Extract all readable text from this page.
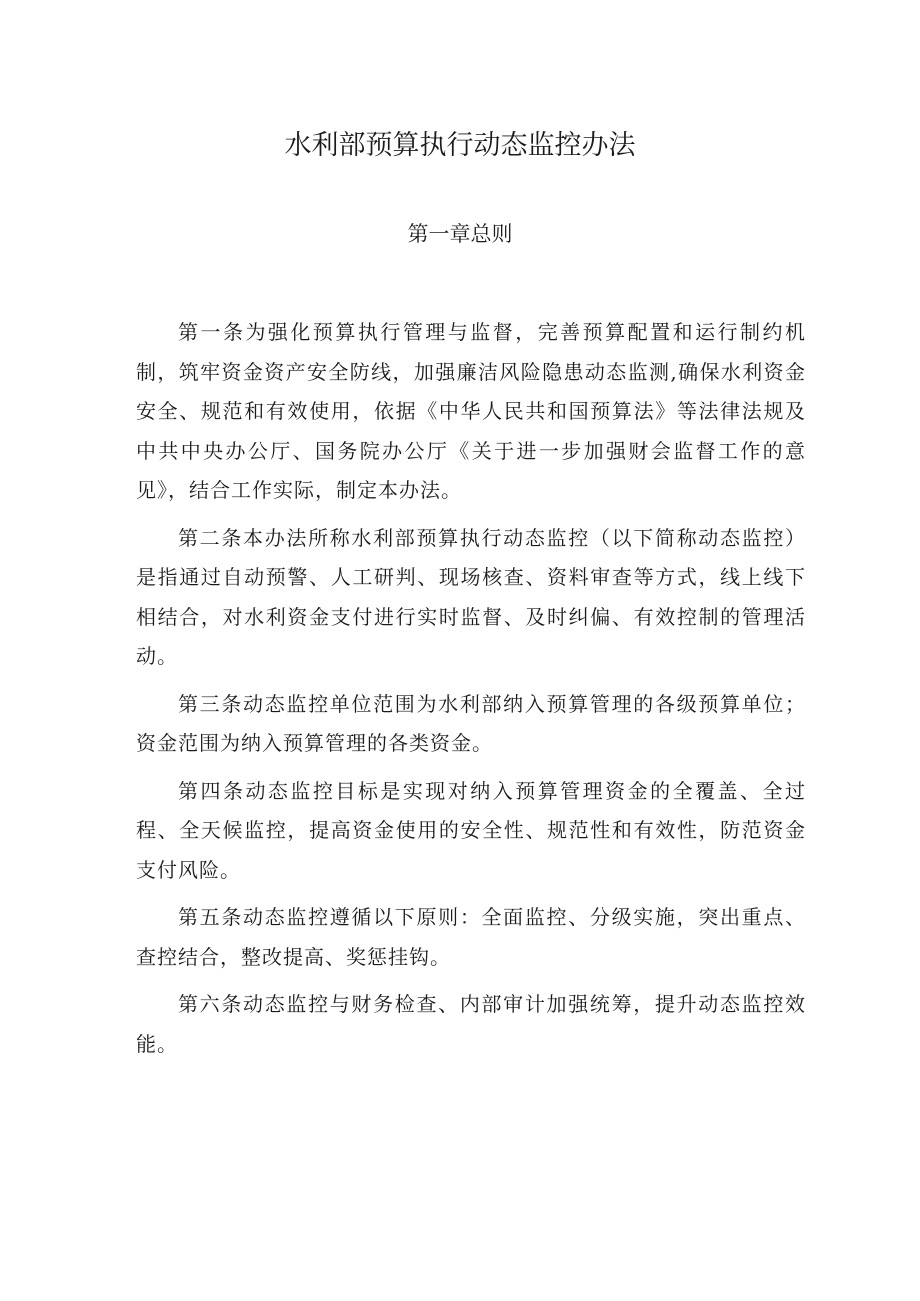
水利部预算执行动态监控办法
第一章总则

第一条为强化预算执行管理与监督，完善预算配置和运行制约机制，筑牢资金资产安全防线，加强廉洁风险隐患动态监测,确保水利资金安全、规范和有效使用，依据《中华人民共和国预算法》等法律法规及中共中央办公厅、国务院办公厅《关于进一步加强财会监督工作的意见》，结合工作实际，制定本办法。

第二条本办法所称水利部预算执行动态监控（以下简称动态监控）是指通过自动预警、人工研判、现场核查、资料审查等方式，线上线下相结合，对水利资金支付进行实时监督、及时纠偏、有效控制的管理活动。

第三条动态监控单位范围为水利部纳入预算管理的各级预算单位；资金范围为纳入预算管理的各类资金。

第四条动态监控目标是实现对纳入预算管理资金的全覆盖、全过程、全天候监控，提高资金使用的安全性、规范性和有效性，防范资金支付风险。

第五条动态监控遵循以下原则：全面监控、分级实施，突出重点、查控结合，整改提高、奖惩挂钩。

第六条动态监控与财务检查、内部审计加强统筹，提升动态监控效能。
